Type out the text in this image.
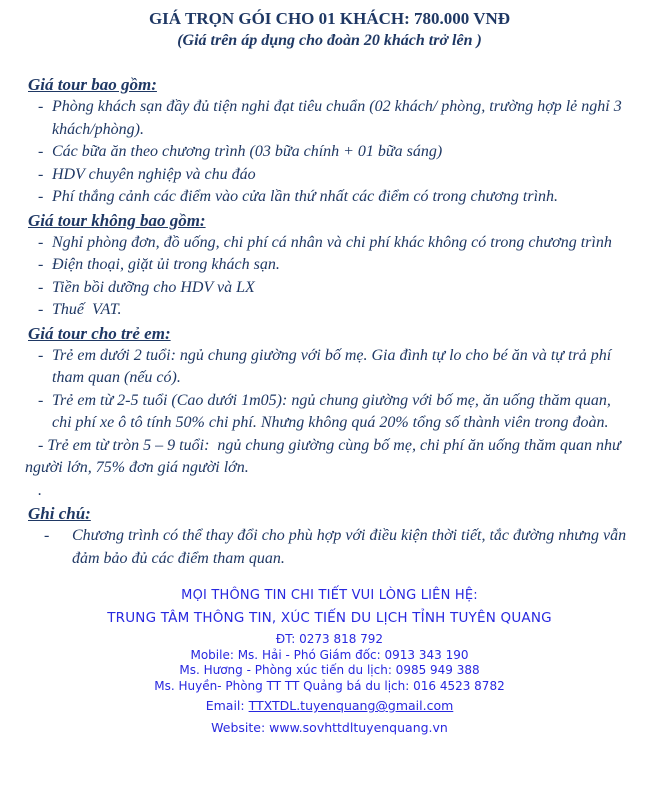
GIÁ TRỌN GÓI CHO 01 KHÁCH: 780.000 VNĐ
(Giá trên áp dụng cho đoàn 20 khách trở lên )
Giá tour bao gồm:

- Phòng khách sạn đầy đủ tiện nghi đạt tiêu chuẩn (02 khách/ phòng, trường hợp lẻ nghỉ 3 khách/phòng).

- Các bữa ăn theo chương trình (03 bữa chính + 01 bữa sáng)

- HDV chuyên nghiệp và chu đáo

- Phí thắng cảnh các điểm vào cửa lần thứ nhất các điểm có trong chương trình.

Giá tour không bao gồm:

- Nghỉ phòng đơn, đồ uống, chi phí cá nhân và chi phí khác không có trong chương trình

- Điện thoại, giặt ủi trong khách sạn.

- Tiền bồi dưỡng cho HDV và LX

- Thuế  VAT.

Giá tour cho trẻ em:

- Trẻ em dưới 2 tuổi: ngủ chung giường với bố mẹ. Gia đình tự lo cho bé ăn và tự trả phí tham quan (nếu có).

- Trẻ em từ 2-5 tuổi (Cao dưới 1m05): ngủ chung giường với bố mẹ, ăn uống thăm quan, chi phí xe ô tô tính 50% chi phí. Nhưng không quá 20% tổng số thành viên trong đoàn.

- Trẻ em từ tròn 5 – 9 tuổi:  ngủ chung giường cùng bố mẹ, chi phí ăn uống thăm quan như người lớn, 75% đơn giá người lớn.

.

Ghi chú:

-	Chương trình có thể thay đổi cho phù hợp với điều kiện thời tiết, tắc đường nhưng vẫn đảm bảo đủ các điểm tham quan.

MỌI THÔNG TIN CHI TIẾT VUI LÒNG LIÊN HỆ:
TRUNG TÂM THÔNG TIN, XÚC TIẾN DU LỊCH TỈNH TUYÊN QUANG
ĐT: 0273 818 792
Mobile: Ms. Hải - Phó Giám đốc: 0913 343 190
Ms. Hương - Phòng xúc tiến du lịch: 0985 949 388
Ms. Huyền- Phòng TT TT Quảng bá du lịch: 016 4523 8782
Email: TTXTDL.tuyenquang@gmail.com
Website: www.sovhttdltuyenquang.vn
